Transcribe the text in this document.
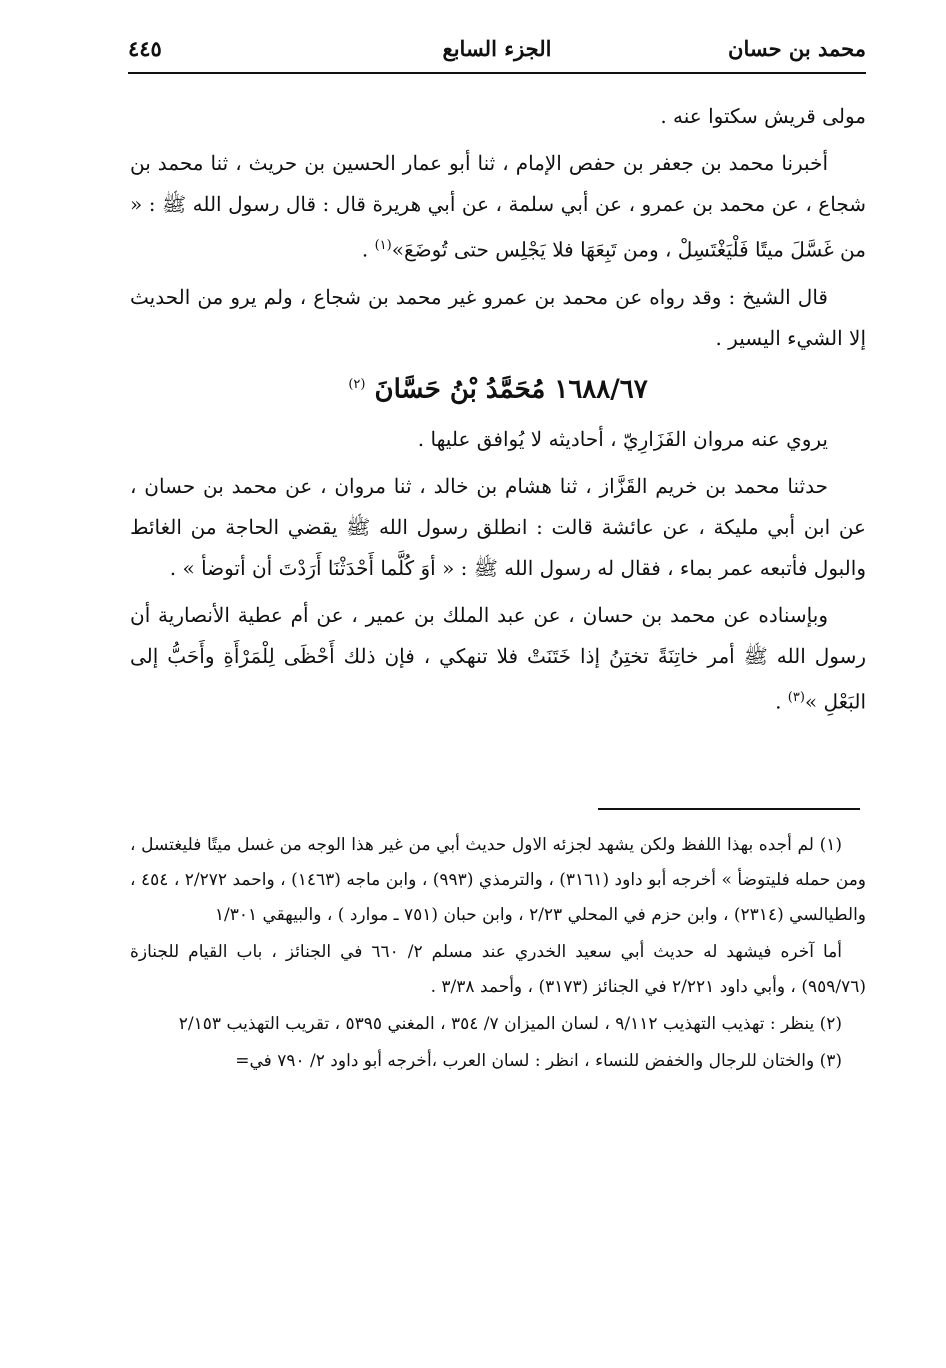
محمد بن حسان
الجزء السابع
٤٤٥

مولى قريش سكتوا عنه .

أخبرنا محمد بن جعفر بن حفص الإمام ، ثنا أبو عمار الحسين بن حريث ، ثنا محمد بن شجاع ، عن محمد بن عمرو ، عن أبي سلمة ، عن أبي هريرة قال : قال رسول الله ﷺ : « من غَسَّلَ ميتًا فَلْيَغْتَسِلْ ، ومن تَبِعَهَا فلا يَجْلِس حتى تُوضَعَ»$^{(١)}$ .

قال الشيخ : وقد رواه عن محمد بن عمرو غير محمد بن شجاع ، ولم يرو من الحديث إلا الشيء اليسير .

١٦٨٨/٦٧ مُحَمَّدُ بْنُ حَسَّانَ $^{(٢)}$

يروي عنه مروان الفَزَارِيّ ، أحاديثه لا يُوافق عليها .

حدثنا محمد بن خريم القَزَّاز ، ثنا هشام بن خالد ، ثنا مروان ، عن محمد بن حسان ، عن ابن أبي مليكة ، عن عائشة قالت : انطلق رسول الله ﷺ يقضي الحاجة من الغائط والبول فأتبعه عمر بماء ، فقال له رسول الله ﷺ : « أوَ كُلَّما أَحْدَثْنَا أَرَدْتَ أن أتوضأ » .

وبإسناده عن محمد بن حسان ، عن عبد الملك بن عمير ، عن أم عطية الأنصارية أن رسول الله ﷺ أمر خاتِنَةً تختِنُ إذا خَتَنَتْ فلا تنهكي ، فإن ذلك أَحْظَى لِلْمَرْأَةِ وأَحَبُّ إلى البَعْلِ »$^{(٣)}$ .

(١) لم أجده بهذا اللفظ ولكن يشهد لجزئه الاول حديث أبي من غير هذا الوجه من غسل ميتًا فليغتسل ، ومن حمله فليتوضأ » أخرجه أبو داود (٣١٦١) ، والترمذي (٩٩٣) ، وابن ماجه (١٤٦٣) ، واحمد ٢/٢٧٢ ، ٤٥٤ ، والطيالسي (٢٣١٤) ، وابن حزم في المحلي ٢/٢٣ ، وابن حبان (٧٥١ ـ موارد ) ، والبيهقي ١/٣٠١

أما آخره فيشهد له حديث أبي سعيد الخدري عند مسلم ٢/ ٦٦٠ في الجنائز ، باب القيام للجنازة (٩٥٩/٧٦) ، وأبي داود ٢/٢٢١ في الجنائز (٣١٧٣) ، وأحمد ٣/٣٨ .

(٢) ينظر : تهذيب التهذيب ٩/١١٢ ، لسان الميزان ٧/ ٣٥٤ ، المغني ٥٣٩٥ ، تقريب التهذيب ٢/١٥٣

(٣) والختان للرجال والخفض للنساء ، انظر : لسان العرب ،أخرجه أبو داود ٢/ ٧٩٠ في=
